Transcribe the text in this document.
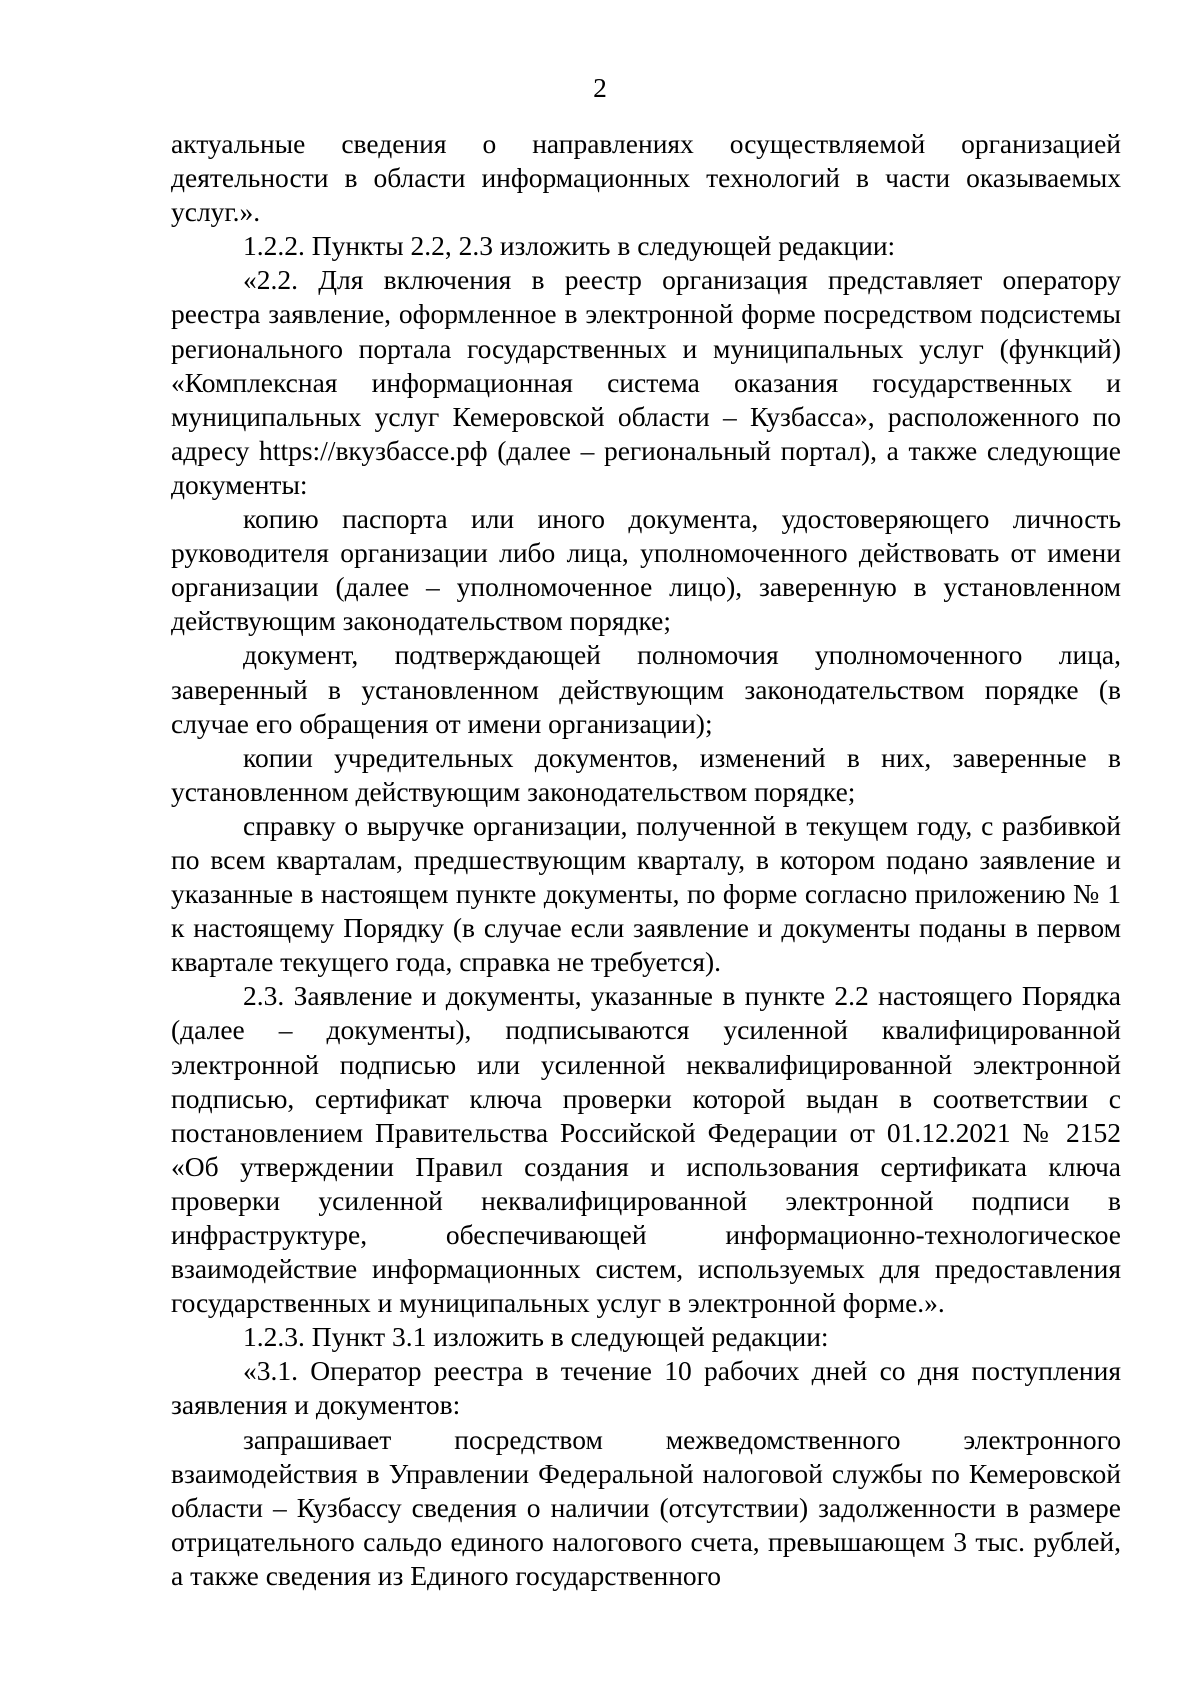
2

актуальные сведения о направлениях осуществляемой организацией деятельности в области информационных технологий в части оказываемых услуг.».

1.2.2. Пункты 2.2, 2.3 изложить в следующей редакции:

«2.2. Для включения в реестр организация представляет оператору реестра заявление, оформленное в электронной форме посредством подсистемы регионального портала государственных и муниципальных услуг (функций) «Комплексная информационная система оказания государственных и муниципальных услуг Кемеровской области – Кузбасса», расположенного по адресу https://вкузбассе.рф (далее – региональный портал), а также следующие документы:

копию паспорта или иного документа, удостоверяющего личность руководителя организации либо лица, уполномоченного действовать от имени организации (далее – уполномоченное лицо), заверенную в установленном действующим законодательством порядке;

документ, подтверждающей полномочия уполномоченного лица, заверенный в установленном действующим законодательством порядке (в случае его обращения от имени организации);

копии учредительных документов, изменений в них, заверенные в установленном действующим законодательством порядке;

справку о выручке организации, полученной в текущем году, с разбивкой по всем кварталам, предшествующим кварталу, в котором подано заявление и указанные в настоящем пункте документы, по форме согласно приложению № 1 к настоящему Порядку (в случае если заявление и документы поданы в первом квартале текущего года, справка не требуется).

2.3. Заявление и документы, указанные в пункте 2.2 настоящего Порядка (далее – документы), подписываются усиленной квалифицированной электронной подписью или усиленной неквалифицированной электронной подписью, сертификат ключа проверки которой выдан в соответствии с постановлением Правительства Российской Федерации от 01.12.2021 № 2152 «Об утверждении Правил создания и использования сертификата ключа проверки усиленной неквалифицированной электронной подписи в инфраструктуре, обеспечивающей информационно-технологическое взаимодействие информационных систем, используемых для предоставления государственных и муниципальных услуг в электронной форме.».

1.2.3. Пункт 3.1 изложить в следующей редакции:

«3.1. Оператор реестра в течение 10 рабочих дней со дня поступления заявления и документов:

запрашивает посредством межведомственного электронного взаимодействия в Управлении Федеральной налоговой службы по Кемеровской области – Кузбассу сведения о наличии (отсутствии) задолженности в размере отрицательного сальдо единого налогового счета, превышающем 3 тыс. рублей, а также сведения из Единого государственного
